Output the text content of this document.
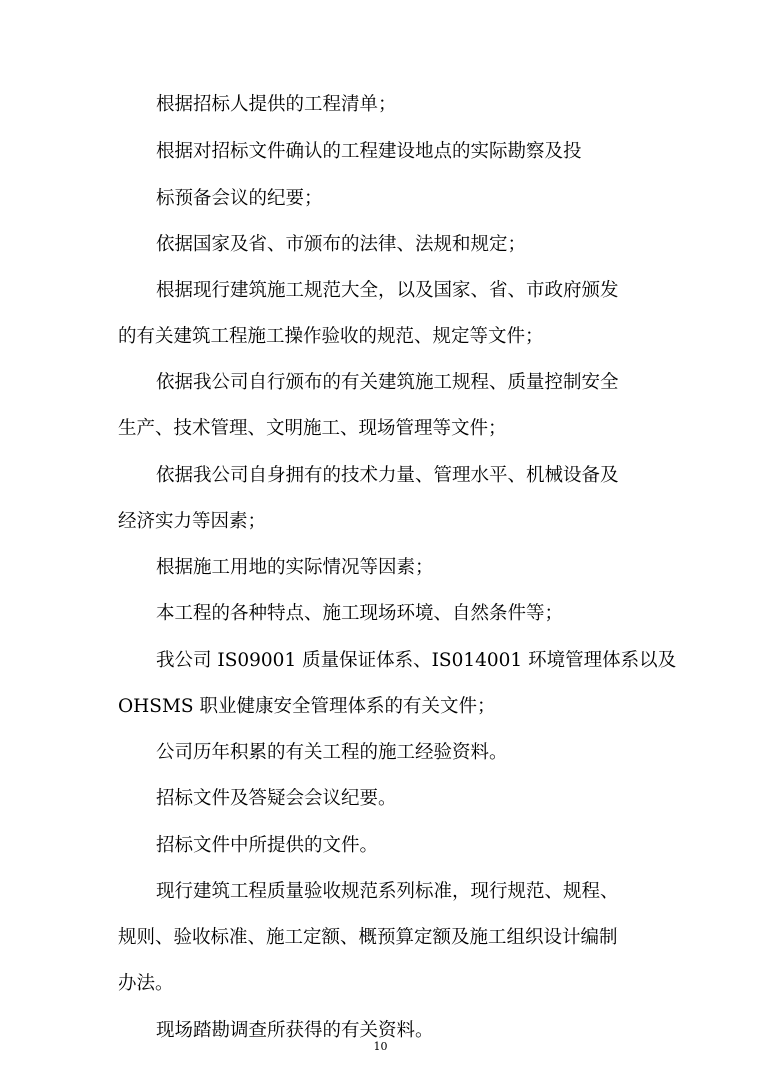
根据招标人提供的工程清单；
根据对招标文件确认的工程建设地点的实际勘察及投
标预备会议的纪要；
依据国家及省、市颁布的法律、法规和规定；
根据现行建筑施工规范大全，以及国家、省、市政府颁发
的有关建筑工程施工操作验收的规范、规定等文件；
依据我公司自行颁布的有关建筑施工规程、质量控制安全
生产、技术管理、文明施工、现场管理等文件；
依据我公司自身拥有的技术力量、管理水平、机械设备及
经济实力等因素；
根据施工用地的实际情况等因素；
本工程的各种特点、施工现场环境、自然条件等；
我公司 IS09001 质量保证体系、IS014001 环境管理体系以及
OHSMS 职业健康安全管理体系的有关文件；
公司历年积累的有关工程的施工经验资料。
招标文件及答疑会会议纪要。
招标文件中所提供的文件。
现行建筑工程质量验收规范系列标准，现行规范、规程、
规则、验收标准、施工定额、概预算定额及施工组织设计编制
办法。
现场踏勘调查所获得的有关资料。
10
